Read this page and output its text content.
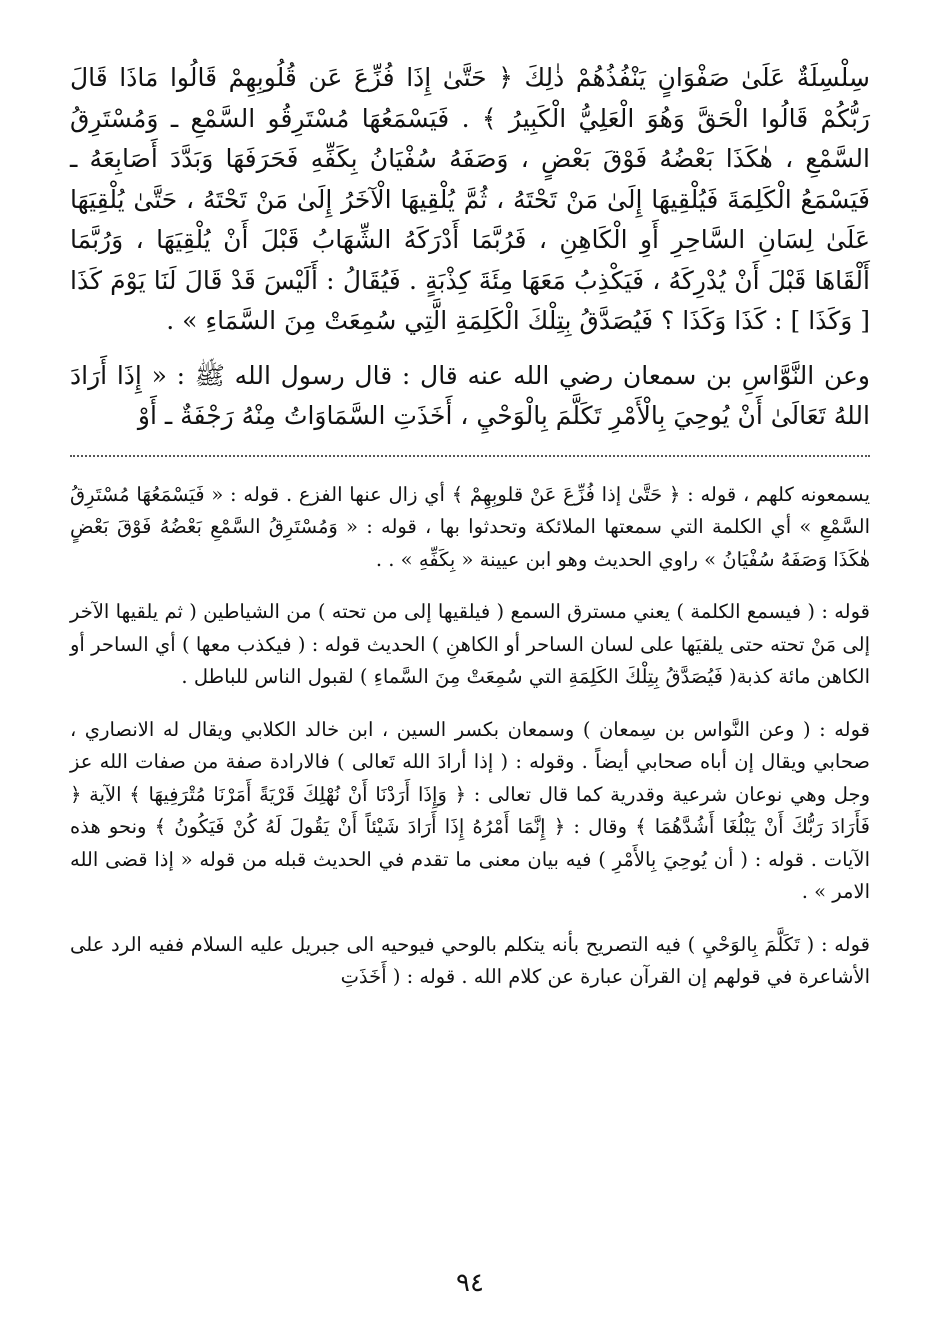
سِلْسِلَةٌ عَلَىٰ صَفْوَانٍ يَنْفُذُهُمْ ذٰلِكَ ﴿ حَتَّىٰ إِذَا فُزِّعَ عَن قُلُوبِهِمْ قَالُوا مَاذَا قَالَ رَبُّكُمْ قَالُوا الْحَقَّ وَهُوَ الْعَلِيُّ الْكَبِيرُ ﴾ . فَيَسْمَعُهَا مُسْتَرِقُو السَّمْعِ ـ وَمُسْتَرِقُ السَّمْعِ ، هٰكَذَا بَعْضُهُ فَوْقَ بَعْضٍ ، وَصَفَهُ سُفْيَانُ بِكَفِّهِ فَحَرَفَهَا وَبَدَّدَ أَصَابِعَهُ ـ فَيَسْمَعُ الْكَلِمَةَ فَيُلْقِيهَا إِلَىٰ مَنْ تَحْتَهُ ، ثُمَّ يُلْقِيهَا الْآخَرُ إِلَىٰ مَنْ تَحْتَهُ ، حَتَّىٰ يُلْقِيَهَا عَلَىٰ لِسَانِ السَّاحِرِ أَوِ الْكَاهِنِ ، فَرُبَّمَا أَدْرَكَهُ الشِّهَابُ قَبْلَ أَنْ يُلْقِيَهَا ، وَرُبَّمَا أَلْقَاهَا قَبْلَ أَنْ يُدْرِكَهُ ، فَيَكْذِبُ مَعَهَا مِئَةَ كِذْبَةٍ . فَيُقَالُ : أَلَيْسَ قَدْ قَالَ لَنَا يَوْمَ كَذَا [ وَكَذَا ] : كَذَا وَكَذَا ؟ فَيُصَدَّقُ بِتِلْكَ الْكَلِمَةِ الَّتِي سُمِعَتْ مِنَ السَّمَاءِ » .

وعن النَّوَّاسِ بن سمعان رضي الله عنه قال : قال رسول الله ﷺ : « إِذَا أَرَادَ اللهُ تَعَالَىٰ أَنْ يُوحِيَ بِالْأَمْرِ تَكَلَّمَ بِالْوَحْيِ ، أَخَذَتِ السَّمَاوَاتُ مِنْهُ رَجْفَةٌ ـ أَوْ

يسمعونه كلهم ، قوله : ﴿ حَتَّىٰ إذا فُزِّعَ عَنْ قلوبِهِمْ ﴾ أي زال عنها الفزع . قوله : « فَيَسْمَعُهَا مُسْتَرِقُ السَّمْعِ » أي الكلمة التي سمعتها الملائكة وتحدثوا بها ، قوله : « وَمُسْتَرِقُ السَّمْعِ بَعْضُهُ فَوْقَ بَعْضٍ هٰكَذَا وَصَفَهُ سُفْيَانُ » راوي الحديث وهو ابن عيينة « بِكَفِّهِ » . .

قوله : ( فيسمع الكلمة ) يعني مسترق السمع ( فيلقيها إلى من تحته ) من الشياطين ( ثم يلقيها الآخر إلى مَنْ تحته حتى يلقيَها على لسان الساحر أو الكاهنِ ) الحديث قوله : ( فيكذب معها ) أي الساحر أو الكاهن مائة كذبة( فَيُصَدَّقُ بِتِلْكَ الكَلِمَةِ التي سُمِعَتْ مِنَ السَّماءِ ) لقبول الناس للباطل .

قوله : ( وعن النَّواس بن سِمعان ) وسمعان بكسر السين ، ابن خالد الكلابي ويقال له الانصاري ، صحابي ويقال إن أباه صحابي أيضاً . وقوله : ( إذا أرادَ الله تَعالى ) فالارادة صفة من صفات الله عز وجل وهي نوعان شرعية وقدرية كما قال تعالى : ﴿ وَإِذَا أَرَدْنَا أَنْ نُهْلِكَ قَرْيَةً أَمَرْنَا مُتْرَفِيهَا ﴾ الآية ﴿ فَأَرَادَ رَبُّكَ أَنْ يَبْلُغَا أَشُدَّهُمَا ﴾ وقال : ﴿ إِنَّمَا أَمْرُهُ إِذَا أَرَادَ شَيْئاً أَنْ يَقُولَ لَهُ كُنْ فَيَكُونُ ﴾ ونحو هذه الآيات . قوله : ( أن يُوحِيَ بِالأَمْرِ ) فيه بيان معنى ما تقدم في الحديث قبله من قوله « إذا قضى الله الامر » .

قوله : ( تَكَلَّمَ بِالوَحْيِ ) فيه التصريح بأنه يتكلم بالوحي فيوحيه الى جبريل عليه السلام ففيه الرد على الأشاعرة في قولهم إن القرآن عبارة عن كلام الله . قوله : ( أَخَذَتِ

٩٤
